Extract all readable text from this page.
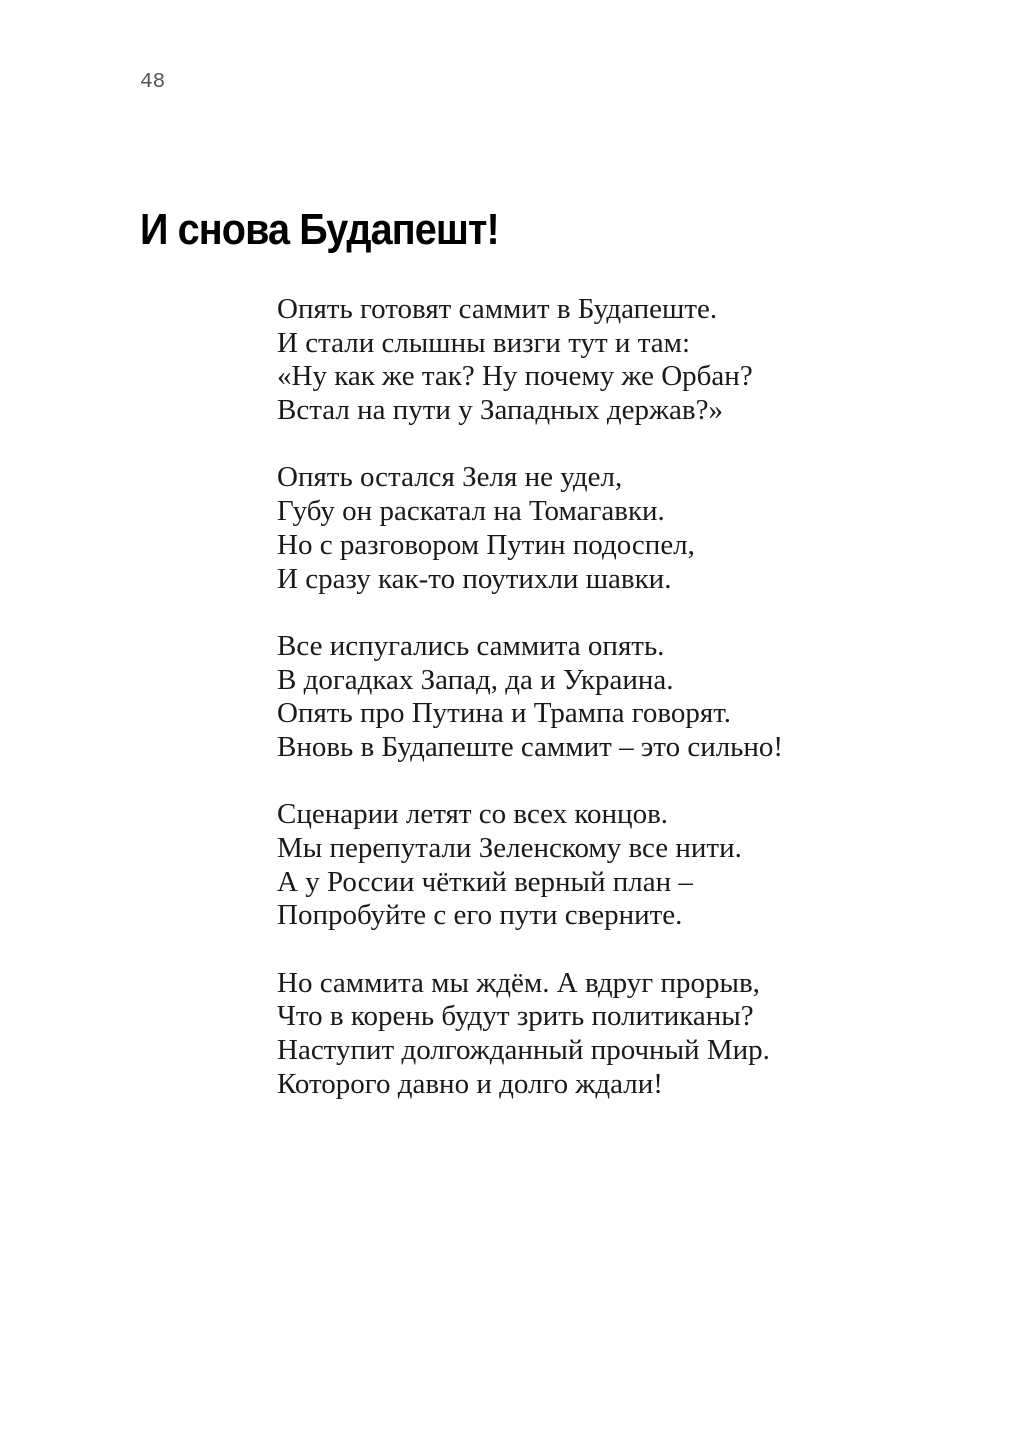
48
И снова Будапешт!
Опять готовят саммит в Будапеште.
И стали слышны визги тут и там:
«Ну как же так? Ну почему же Орбан?
Встал на пути у Западных держав?»
Опять остался Зеля не удел,
Губу он раскатал на Томагавки.
Но с разговором Путин подоспел,
И сразу как-то поутихли шавки.
Все испугались саммита опять.
В догадках Запад, да и Украина.
Опять про Путина и Трампа говорят.
Вновь в Будапеште саммит – это сильно!
Сценарии летят со всех концов.
Мы перепутали Зеленскому все нити.
А у России чёткий верный план –
Попробуйте с его пути сверните.
Но саммита мы ждём. А вдруг прорыв,
Что в корень будут зрить политиканы?
Наступит долгожданный прочный Мир.
Которого давно и долго ждали!
